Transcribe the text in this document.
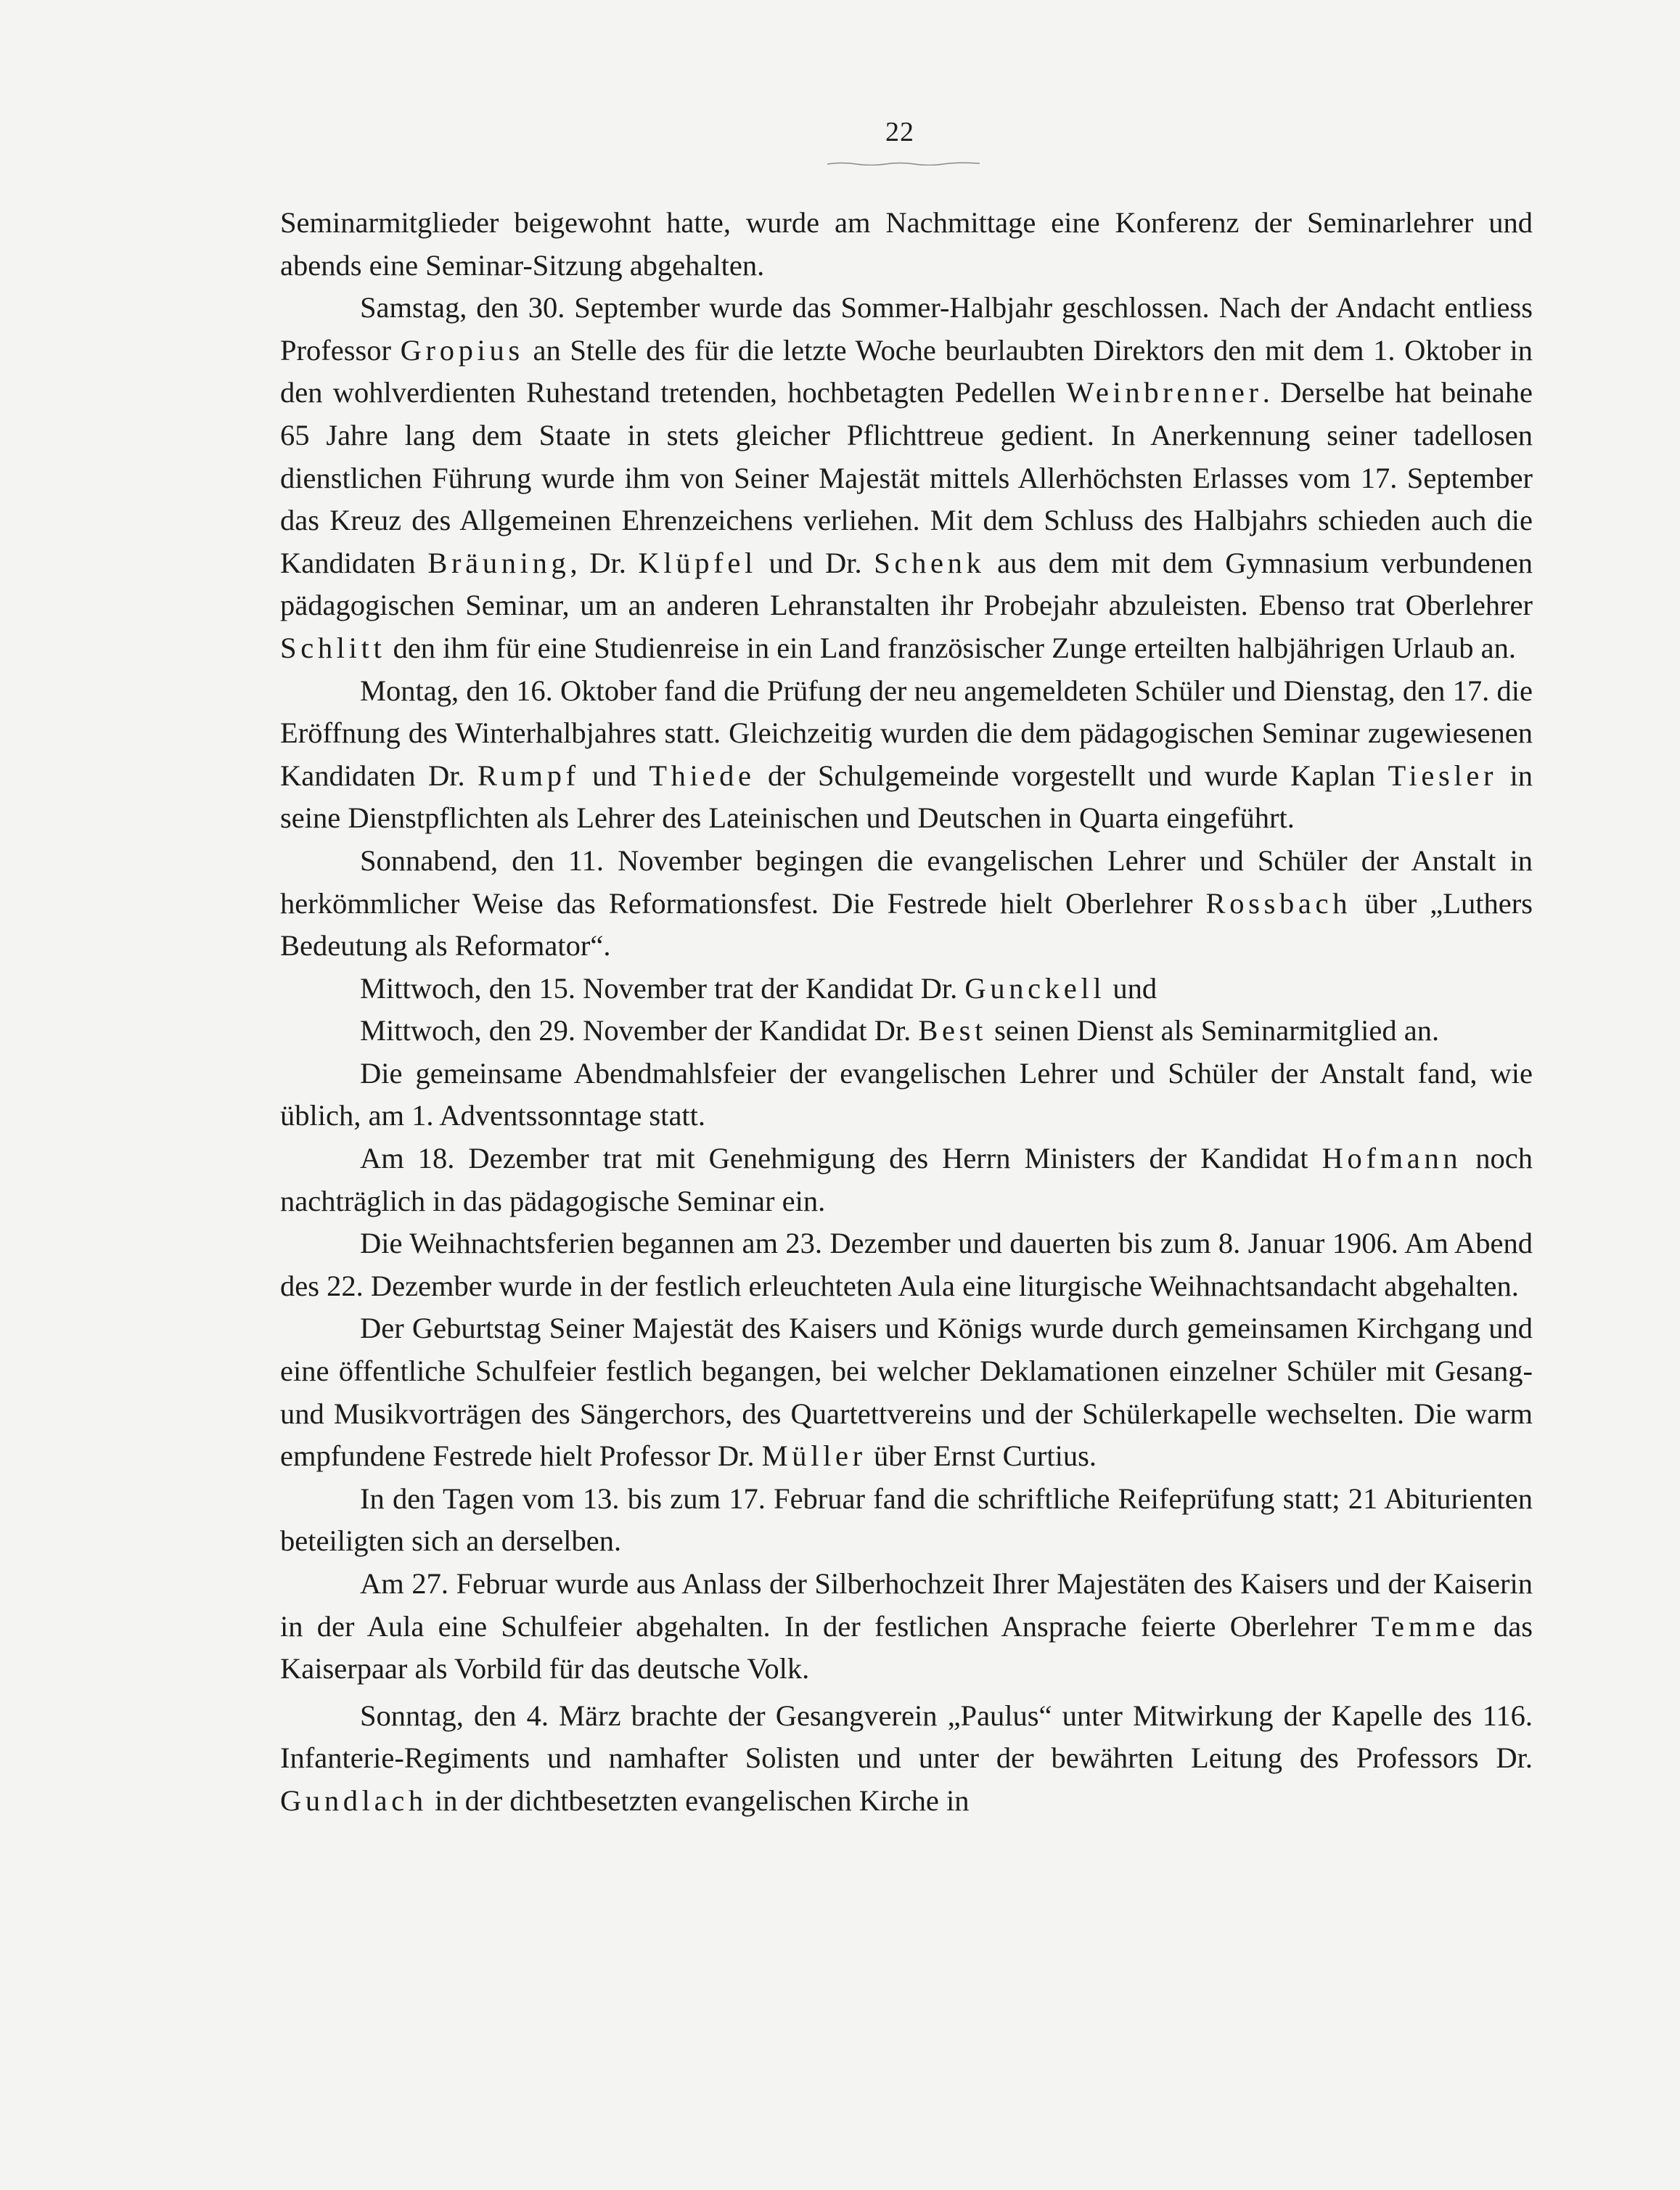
22

Seminarmitglieder beigewohnt hatte, wurde am Nachmittage eine Konferenz der Seminarlehrer und abends eine Seminar-Sitzung abgehalten.

Samstag, den 30. September wurde das Sommer-Halbjahr geschlossen. Nach der Andacht entliess Professor Gropius an Stelle des für die letzte Woche beurlaubten Direktors den mit dem 1. Oktober in den wohlverdienten Ruhestand tretenden, hochbetagten Pedellen Weinbrenner. Derselbe hat beinahe 65 Jahre lang dem Staate in stets gleicher Pflichttreue gedient. In Anerkennung seiner tadellosen dienstlichen Führung wurde ihm von Seiner Majestät mittels Allerhöchsten Erlasses vom 17. September das Kreuz des Allgemeinen Ehrenzeichens verliehen. Mit dem Schluss des Halbjahrs schieden auch die Kandidaten Bräuning, Dr. Klüpfel und Dr. Schenk aus dem mit dem Gymnasium verbundenen pädagogischen Seminar, um an anderen Lehranstalten ihr Probejahr abzuleisten. Ebenso trat Oberlehrer Schlitt den ihm für eine Studienreise in ein Land französischer Zunge erteilten halbjährigen Urlaub an.

Montag, den 16. Oktober fand die Prüfung der neu angemeldeten Schüler und Dienstag, den 17. die Eröffnung des Winterhalbjahres statt. Gleichzeitig wurden die dem pädagogischen Seminar zugewiesenen Kandidaten Dr. Rumpf und Thiede der Schulgemeinde vorgestellt und wurde Kaplan Tiesler in seine Dienstpflichten als Lehrer des Lateinischen und Deutschen in Quarta eingeführt.

Sonnabend, den 11. November begingen die evangelischen Lehrer und Schüler der Anstalt in herkömmlicher Weise das Reformationsfest. Die Festrede hielt Oberlehrer Rossbach über „Luthers Bedeutung als Reformator“.

Mittwoch, den 15. November trat der Kandidat Dr. Gunckell und

Mittwoch, den 29. November der Kandidat Dr. Best seinen Dienst als Seminarmitglied an.

Die gemeinsame Abendmahlsfeier der evangelischen Lehrer und Schüler der Anstalt fand, wie üblich, am 1. Adventssonntage statt.

Am 18. Dezember trat mit Genehmigung des Herrn Ministers der Kandidat Hofmann noch nachträglich in das pädagogische Seminar ein.

Die Weihnachtsferien begannen am 23. Dezember und dauerten bis zum 8. Januar 1906. Am Abend des 22. Dezember wurde in der festlich erleuchteten Aula eine liturgische Weihnachtsandacht abgehalten.

Der Geburtstag Seiner Majestät des Kaisers und Königs wurde durch gemeinsamen Kirchgang und eine öffentliche Schulfeier festlich begangen, bei welcher Deklamationen einzelner Schüler mit Gesang- und Musikvorträgen des Sängerchors, des Quartettvereins und der Schülerkapelle wechselten. Die warm empfundene Festrede hielt Professor Dr. Müller über Ernst Curtius.

In den Tagen vom 13. bis zum 17. Februar fand die schriftliche Reifeprüfung statt; 21 Abiturienten beteiligten sich an derselben.

Am 27. Februar wurde aus Anlass der Silberhochzeit Ihrer Majestäten des Kaisers und der Kaiserin in der Aula eine Schulfeier abgehalten. In der festlichen Ansprache feierte Oberlehrer Temme das Kaiserpaar als Vorbild für das deutsche Volk.

Sonntag, den 4. März brachte der Gesangverein „Paulus“ unter Mitwirkung der Kapelle des 116. Infanterie-Regiments und namhafter Solisten und unter der bewährten Leitung des Professors Dr. Gundlach in der dichtbesetzten evangelischen Kirche in
